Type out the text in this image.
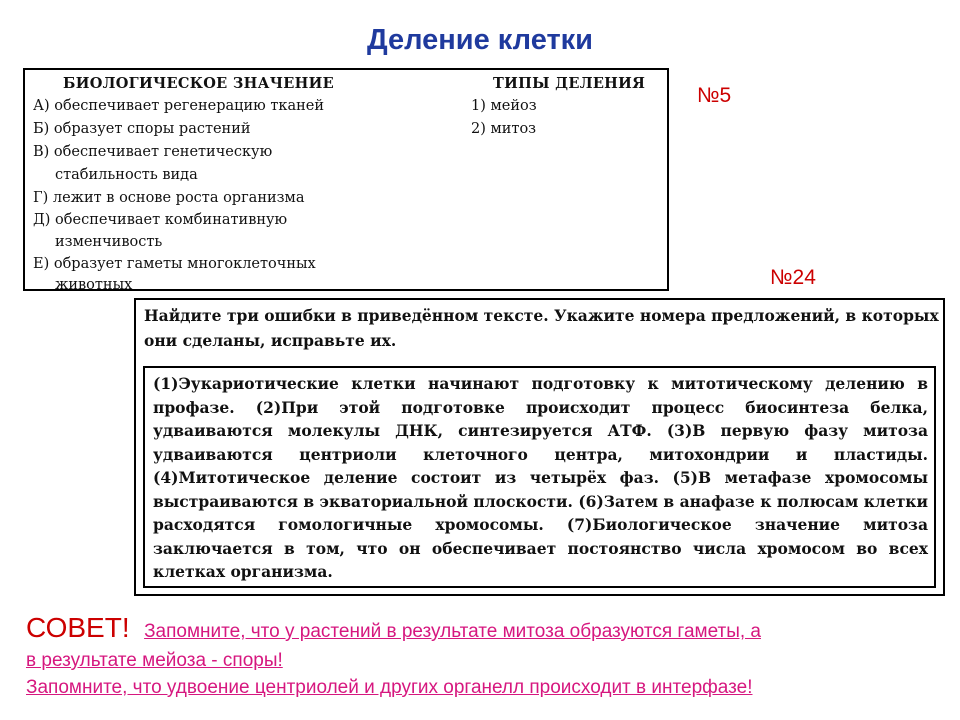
Деление клетки
№5
№24
БИОЛОГИЧЕСКОЕ ЗНАЧЕНИЕ	ТИПЫ ДЕЛЕНИЯ
А) обеспечивает регенерацию тканей
Б) образует споры растений
В) обеспечивает генетическую
стабильность вида
Г) лежит в основе роста организма
Д) обеспечивает комбинативную
изменчивость
Е) образует гаметы многоклеточных
животных
1) мейоз
2) митоз
Найдите три ошибки в приведённом тексте. Укажите номера предложений, в которых они сделаны, исправьте их.
(1)Эукариотические клетки начинают подготовку к митотическому делению в профазе. (2)При этой подготовке происходит процесс биосинтеза белка, удваиваются молекулы ДНК, синтезируется АТФ. (3)В первую фазу митоза удваиваются центриоли клеточного центра, митохондрии и пластиды. (4)Митотическое деление состоит из четырёх фаз. (5)В метафазе хромосомы выстраиваются в экваториальной плоскости. (6)Затем в анафазе к полюсам клетки расходятся гомологичные хромосомы. (7)Биологическое значение митоза заключается в том, что он обеспечивает постоянство числа хромосом во всех клетках организма.
СОВЕТ! Запомните, что у растений в результате митоза образуются гаметы, а
в результате мейоза - споры!
Запомните, что удвоение центриолей и других органелл происходит в интерфазе!
